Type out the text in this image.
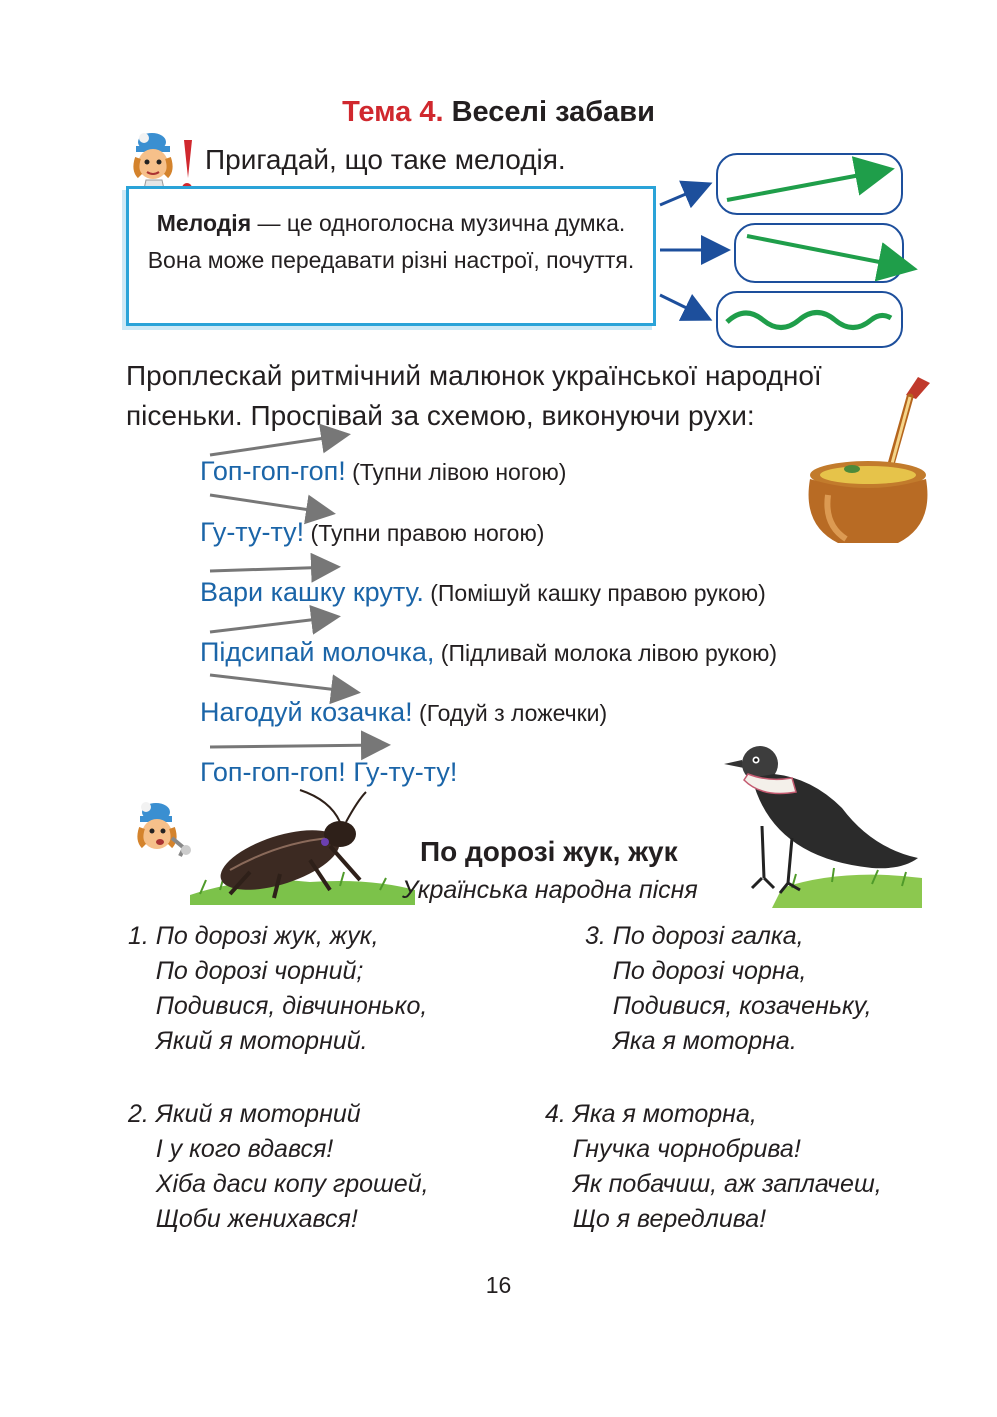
Тема 4. Веселі забави
Пригадай, що таке мелодія.
Мелодія — це одноголосна музична думка. Вона може передавати різні настрої, почуття.
Проплескай ритмічний малюнок української народної пісеньки. Проспівай за схемою, виконуючи рухи:
Гоп-гоп-гоп! (Тупни лівою ногою)
Гу-ту-ту! (Тупни правою ногою)
Вари кашку круту. (Помішуй кашку правою рукою)
Підсипай молочка, (Підливай молока лівою рукою)
Нагодуй козачка! (Годуй з ложечки)
Гоп-гоп-гоп! Гу-ту-ту!
По дорозі жук, жук
Українська народна пісня
1. По дорозі жук, жук,
По дорозі чорний;
Подивися, дівчинонько,
Який я моторний.
3. По дорозі галка,
По дорозі чорна,
Подивися, козаченьку,
Яка я моторна.
2. Який я моторний
І у кого вдався!
Хіба даси копу грошей,
Щоби женихався!
4. Яка я моторна,
Гнучка чорнобрива!
Як побачиш, аж заплачеш,
Що я вередлива!
16
